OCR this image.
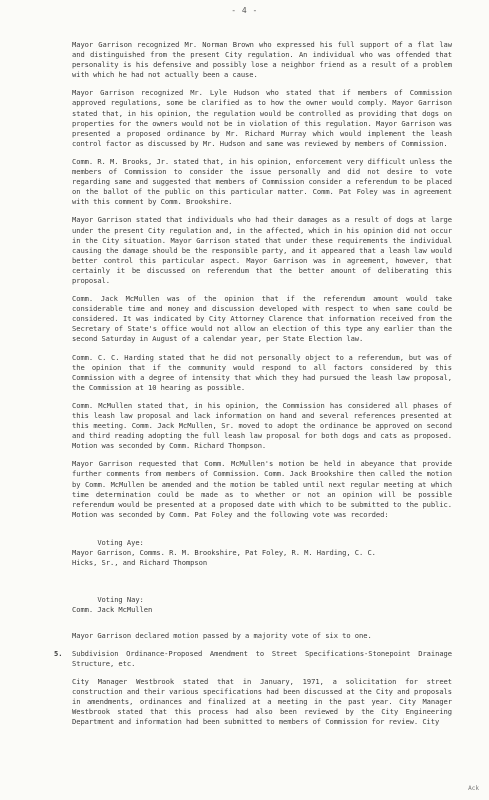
- 4 -

Mayor Garrison recognized Mr. Norman Brown who expressed his full support of a flat law and distinguished from the present City regulation. An individual who was offended that personality is his defensive and possibly lose a neighbor friend as a result of a problem with which he had not actually been a cause.

Mayor Garrison recognized Mr. Lyle Hudson who stated that if members of Commission approved regulations, some be clarified as to how the owner would comply. Mayor Garrison stated that, in his opinion, the regulation would be controlled as providing that dogs on properties for the owners would not be in violation of this regulation. Mayor Garrison was presented a proposed ordinance by Mr. Richard Murray which would implement the leash control factor as discussed by Mr. Hudson and same was reviewed by members of Commission.

Comm. R. M. Brooks, Jr. stated that, in his opinion, enforcement very difficult unless the members of Commission to consider the issue personally and did not desire to vote regarding same and suggested that members of Commission consider a referendum to be placed on the ballot of the public on this particular matter. Comm. Pat Foley was in agreement with this comment by Comm. Brookshire.

Mayor Garrison stated that individuals who had their damages as a result of dogs at large under the present City regulation and, in the affected, which in his opinion did not occur in the City situation. Mayor Garrison stated that under these requirements the individual causing the damage should be the responsible party, and it appeared that a leash law would better control this particular aspect. Mayor Garrison was in agreement, however, that certainly it be discussed on referendum that the better amount of deliberating this proposal.

Comm. Jack McMullen was of the opinion that if the referendum amount would take considerable time and money and discussion developed with respect to when same could be considered. It was indicated by City Attorney Clarence that information received from the Secretary of State's office would not allow an election of this type any earlier than the second Saturday in August of a calendar year, per State Election law.

Comm. C. C. Harding stated that he did not personally object to a referendum, but was of the opinion that if the community would respond to all factors considered by this Commission with a degree of intensity that which they had pursued the leash law proposal, the Commission at 10 hearing as possible.

Comm. McMullen stated that, in his opinion, the Commission has considered all phases of this leash law proposal and lack information on hand and several references presented at this meeting. Comm. Jack McMullen, Sr. moved to adopt the ordinance be approved on second and third reading adopting the full leash law proposal for both dogs and cats as proposed. Motion was seconded by Comm. Richard Thompson.

Mayor Garrison requested that Comm. McMullen's motion be held in abeyance that provide further comments from members of Commission. Comm. Jack Brookshire then called the motion by Comm. McMullen be amended and the motion be tabled until next regular meeting at which time determination could be made as to whether or not an opinion will be possible referendum would be presented at a proposed date with which to be submitted to the public. Motion was seconded by Comm. Pat Foley and the following vote was recorded:

Voting Aye:Mayor Garrison, Comms. R. M. Brookshire, Pat Foley, R. M. Harding, C. C. Hicks, Sr., and Richard Thompson

Voting Nay:Comm. Jack McMullen

Mayor Garrison declared motion passed by a majority vote of six to one.

5. Subdivision Ordinance-Proposed Amendment to Street Specifications-Stonepoint Drainage Structure, etc.

City Manager Westbrook stated that in January, 1971, a solicitation for street construction and their various specifications had been discussed at the City and proposals in amendments, ordinances and finalized at a meeting in the past year. City Manager Westbrook stated that this process had also been reviewed by the City Engineering Department and information had been submitted to members of Commission for review. City

Ack
